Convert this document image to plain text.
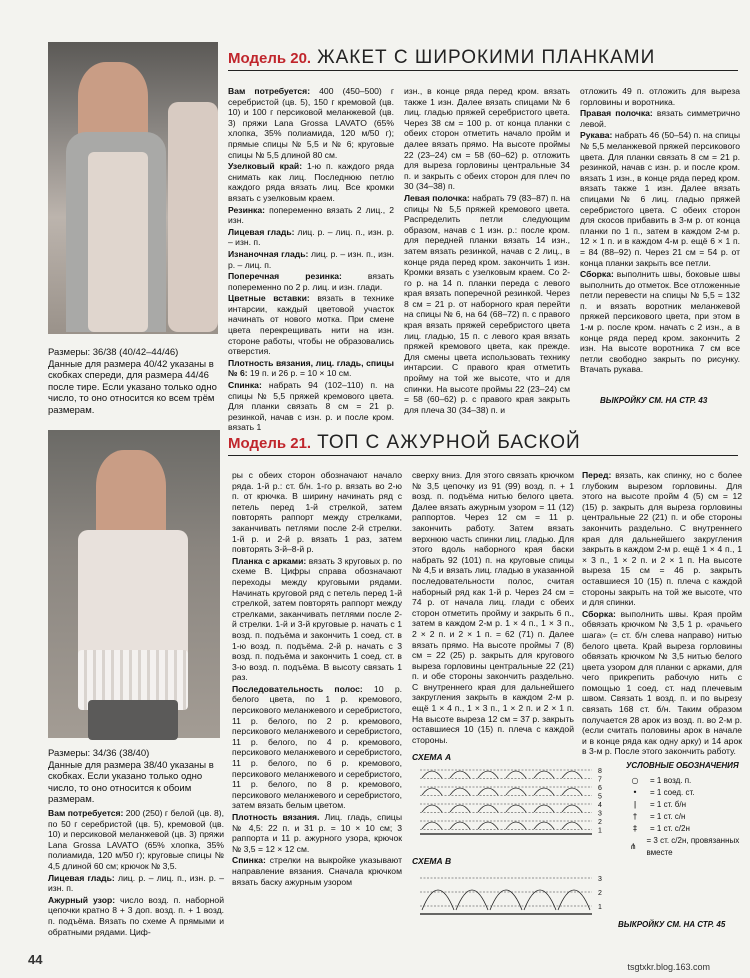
Модель 20. ЖАКЕТ С ШИРОКИМИ ПЛАНКАМИ
Размеры: 36/38 (40/42–44/46)
Данные для размера 40/42 указаны в скобках спереди, для размера 44/46 после тире. Если указано только одно число, то оно относится ко всем трём размерам.

Вам потребуется: 400 (450–500) г серебристой (цв. 5), 150 г кремовой (цв. 10) и 100 г персиковой меланжевой (цв. 3) пряжи Lana Grossa LAVATO (65% хлопка, 35% полиамида, 120 м/50 г); прямые спицы № 5,5 и № 6; круговые спицы № 5,5 длиной 80 см.

Узелковый край: 1-ю п. каждого ряда снимать как лиц. Последнюю петлю каждого ряда вязать лиц. Все кромки вязать с узелковым краем.

Резинка: попеременно вязать 2 лиц., 2 изн.

Лицевая гладь: лиц. р. – лиц. п., изн. р. – изн. п.

Изнаночная гладь: лиц. р. – изн. п., изн. р. – лиц. п.

Поперечная резинка: вязать попеременно по 2 р. лиц. и изн. глади.

Цветные вставки: вязать в технике интарсии, каждый цветовой участок начинать от нового мотка. При смене цвета перекрещивать нити на изн. стороне работы, чтобы не образовались отверстия.

Плотность вязания, лиц. гладь, спицы № 6: 19 п. и 26 р. = 10 × 10 см.

Спинка: набрать 94 (102–110) п. на спицы № 5,5 пряжей кремового цвета. Для планки связать 8 см = 21 р. резинкой, начав с изн. р. и после кром. вязать 1

изн., в конце ряда перед кром. вязать также 1 изн. Далее вязать спицами № 6 лиц. гладью пряжей серебристого цвета. Через 38 см = 100 р. от конца планки с обеих сторон отметить начало пройм и далее вязать прямо. На высоте проймы 22 (23–24) см = 58 (60–62) р. отложить для выреза горловины центральные 34 п. и закрыть с обеих сторон для плеч по 30 (34–38) п.

Левая полочка: набрать 79 (83–87) п. на спицы № 5,5 пряжей кремового цвета. Распределить петли следующим образом, начав с 1 изн. р.: после кром. для передней планки вязать 14 изн., затем вязать резинкой, начав с 2 лиц., в конце ряда перед кром. закончить 1 изн. Кромки вязать с узелковым краем. Со 2-го р. на 14 п. планки переда с левого края вязать поперечной резинкой. Через 8 см = 21 р. от наборного края перейти на спицы № 6, на 64 (68–72) п. с правого края вязать пряжей серебристого цвета лиц. гладью, 15 п. с левого края вязать пряжей кремового цвета, как прежде. Для смены цвета использовать технику интарсии. С правого края отметить пройму на той же высоте, что и для спинки. На высоте проймы 22 (23–24) см = 58 (60–62) р. с правого края закрыть для плеча 30 (34–38) п. и

отложить 49 п. отложить для выреза горловины и воротника.

Правая полочка: вязать симметрично левой.

Рукава: набрать 46 (50–54) п. на спицы № 5,5 меланжевой пряжей персикового цвета. Для планки связать 8 см = 21 р. резинкой, начав с изн. р. и после кром. вязать 1 изн., в конце ряда перед кром. вязать также 1 изн. Далее вязать спицами № 6 лиц. гладью пряжей серебристого цвета. С обеих сторон для скосов прибавить в 3-м р. от конца планки по 1 п., затем в каждом 2-м р. 12 × 1 п. и в каждом 4-м р. ещё 6 × 1 п. = 84 (88–92) п. Через 21 см = 54 р. от конца планки закрыть все петли.

Сборка: выполнить швы, боковые швы выполнить до отметок. Все отложенные петли перевести на спицы № 5,5 = 132 п. и вязать воротник меланжевой пряжей персикового цвета, при этом в 1-м р. после кром. начать с 2 изн., а в конце ряда перед кром. закончить 2 изн. На высоте воротника 7 см все петли свободно закрыть по рисунку. Втачать рукава.

ВЫКРОЙКУ СМ. НА СТР. 43
Модель 21. ТОП С АЖУРНОЙ БАСКОЙ
Размеры: 34/36 (38/40)
Данные для размера 38/40 указаны в скобках. Если указано только одно число, то оно относится к обоим размерам.

Вам потребуется: 200 (250) г белой (цв. 8), по 50 г серебристой (цв. 5), кремовой (цв. 10) и персиковой меланжевой (цв. 3) пряжи Lana Grossa LAVATO (65% хлопка, 35% полиамида, 120 м/50 г); круговые спицы № 4,5 длиной 60 см; крючок № 3,5.

Лицевая гладь: лиц. р. – лиц. п., изн. р. – изн. п.

Ажурный узор: число возд. п. наборной цепочки кратно 8 + 3 доп. возд. п. + 1 возд. п. подъёма. Вязать по схеме А прямыми и обратными рядами. Циф-

ры с обеих сторон обозначают начало ряда. 1-й р.: ст. б/н. 1-го р. вязать во 2-ю п. от крючка. В ширину начинать ряд с петель перед 1-й стрелкой, затем повторять раппорт между стрелками, заканчивать петлями после 2-й стрелки. 1-й р. и 2-й р. вязать 1 раз, затем повторять 3-й–8-й р.

Планка с арками: вязать 3 круговых р. по схеме В. Цифры справа обозначают переходы между круговыми рядами. Начинать круговой ряд с петель перед 1-й стрелкой, затем повторять раппорт между стрелками, заканчивать петлями после 2-й стрелки. 1-й и 3-й круговые р. начать с 1 возд. п. подъёма и закончить 1 соед. ст. в 1-ю возд. п. подъёма. 2-й р. начать с 3 возд. п. подъёма и закончить 1 соед. ст. в 3-ю возд. п. подъёма. В высоту связать 1 раз.

Последовательность полос: 10 р. белого цвета, по 1 р. кремового, персикового меланжевого и серебристого, 11 р. белого, по 2 р. кремового, персикового меланжевого и серебристого, 11 р. белого, по 4 р. кремового, персикового меланжевого и серебристого, 11 р. белого, по 6 р. кремового, персикового меланжевого и серебристого, 11 р. белого, по 8 р. кремового, персикового меланжевого и серебристого, затем вязать белым цветом.

Плотность вязания. Лиц. гладь, спицы № 4,5: 22 п. и 31 р. = 10 × 10 см; 3 раппорта и 11 р. ажурного узора, крючок № 3,5 = 12 × 12 см.

Спинка: стрелки на выкройке указывают направление вязания. Сначала крючком вязать баску ажурным узором

сверху вниз. Для этого связать крючком № 3,5 цепочку из 91 (99) возд. п. + 1 возд. п. подъёма нитью белого цвета. Далее вязать ажурным узором = 11 (12) раппортов. Через 12 см = 11 р. закончить работу. Затем вязать верхнюю часть спинки лиц. гладью. Для этого вдоль наборного края баски набрать 92 (101) п. на круговые спицы № 4,5 и вязать лиц. гладью в указанной последовательности полос, считая наборный ряд как 1-й р. Через 24 см = 74 р. от начала лиц. глади с обеих сторон отметить пройму и закрыть 6 п., затем в каждом 2-м р. 1 × 4 п., 1 × 3 п., 2 × 2 п. и 2 × 1 п. = 62 (71) п. Далее вязать прямо. На высоте проймы 7 (8) см = 22 (25) р. закрыть для кругового выреза горловины центральные 22 (21) п. и обе стороны закончить раздельно. С внутреннего края для дальнейшего закругления закрыть в каждом 2-м р. ещё 1 × 4 п., 1 × 3 п., 1 × 2 п. и 2 × 1 п. На высоте выреза 12 см = 37 р. закрыть оставшиеся 10 (15) п. плеча с каждой стороны.

Перед: вязать, как спинку, но с более глубоким вырезом горловины. Для этого на высоте пройм 4 (5) см = 12 (15) р. закрыть для выреза горловины центральные 22 (21) п. и обе стороны закончить раздельно. С внутреннего края для дальнейшего закругления закрыть в каждом 2-м р. ещё 1 × 4 п., 1 × 3 п., 1 × 2 п. и 2 × 1 п. На высоте выреза 15 см = 46 р. закрыть оставшиеся 10 (15) п. плеча с каждой стороны закрыть на той же высоте, что и для спинки.

Сборка: выполнить швы. Края пройм обвязать крючком № 3,5 1 р. «рачьего шага» (= ст. б/н слева направо) нитью белого цвета. Край выреза горловины обвязать крючком № 3,5 нитью белого цвета узором для планки с арками, для чего прикрепить рабочую нить с помощью 1 соед. ст. над плечевым швом. Связать 1 возд. п. и по вырезу связать 168 ст. б/н. Таким образом получается 28 арок из возд. п. во 2-м р. (если считать половины арок в начале и в конце ряда как одну арку) и 14 арок в 3-м р. После этого закончить работу.

СХЕМА А
8
7
6
5
4
3
2
1
СХЕМА В
3
2
1
УСЛОВНЫЕ ОБОЗНАЧЕНИЯ
○	= 1 возд. п.
•	= 1 соед. ст.
ǀ	= 1 ст. б/н
†	= 1 ст. с/н
‡	= 1 ст. с/2н
⋔
= 3 ст. с/2н, провязанных вместе
ВЫКРОЙКУ СМ. НА СТР. 45
44	tsgtxkr.blog.163.com
